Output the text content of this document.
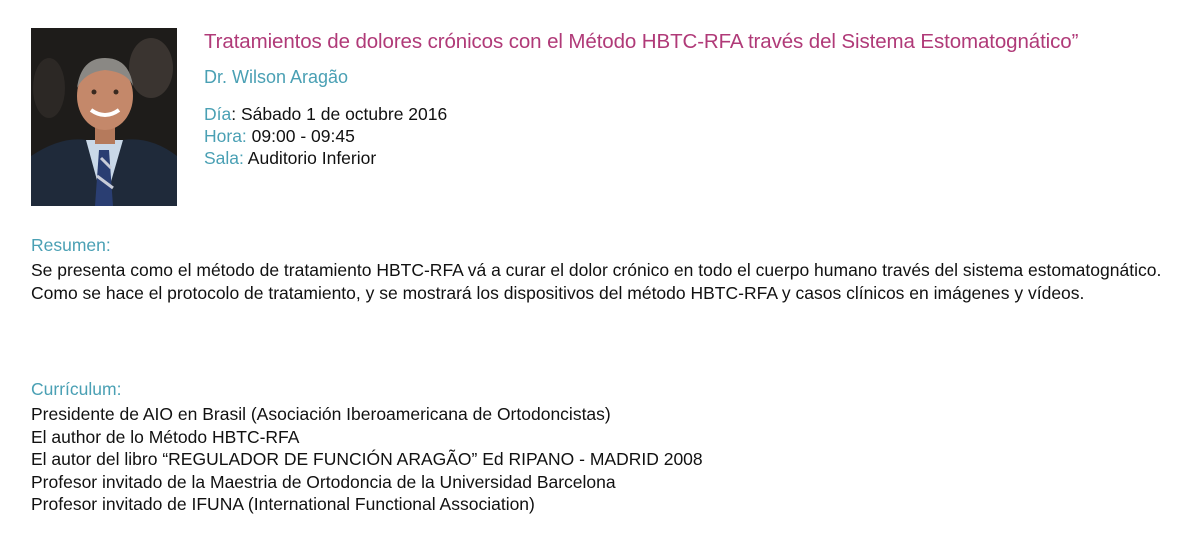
Tratamientos de dolores crónicos con el Método HBTC-RFA través del Sistema Estomatognático”
Dr. Wilson Aragão
Día: Sábado 1 de octubre 2016
Hora: 09:00 - 09:45
Sala: Auditorio Inferior
Resumen:

Se presenta como el método de tratamiento HBTC-RFA vá a curar el dolor crónico en todo el cuerpo humano través del sistema estomatognático.

Como se hace el protocolo de tratamiento, y se mostrará los dispositivos del método HBTC-RFA y casos clínicos en imágenes y vídeos.

Currículum:
Presidente de AIO en Brasil (Asociación Iberoamericana de Ortodoncistas)
El author de lo Método HBTC-RFA
El autor del libro “REGULADOR DE FUNCIÓN ARAGÃO” Ed RIPANO - MADRID 2008
Profesor invitado de la Maestria de Ortodoncia de la Universidad Barcelona
Profesor invitado de IFUNA (International Functional Association)
